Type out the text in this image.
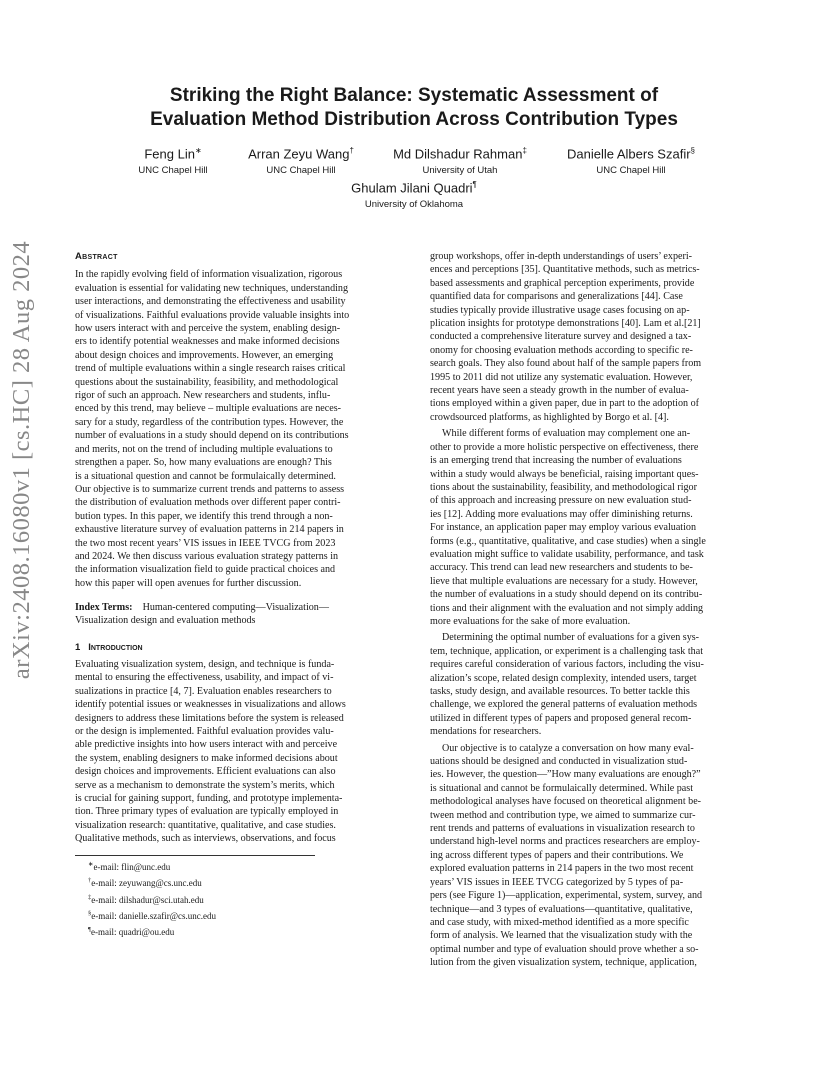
arXiv:2408.16080v1 [cs.HC] 28 Aug 2024
Striking the Right Balance: Systematic Assessment of
Evaluation Method Distribution Across Contribution Types
Feng Lin∗
UNC Chapel Hill
Arran Zeyu Wang†
UNC Chapel Hill
Md Dilshadur Rahman‡
University of Utah
Danielle Albers Szafir§
UNC Chapel Hill
Ghulam Jilani Quadri¶
University of Oklahoma
Abstract
In the rapidly evolving field of information visualization, rigorous
evaluation is essential for validating new techniques, understanding
user interactions, and demonstrating the effectiveness and usability
of visualizations. Faithful evaluations provide valuable insights into
how users interact with and perceive the system, enabling design-
ers to identify potential weaknesses and make informed decisions
about design choices and improvements. However, an emerging
trend of multiple evaluations within a single research raises critical
questions about the sustainability, feasibility, and methodological
rigor of such an approach. New researchers and students, influ-
enced by this trend, may believe – multiple evaluations are neces-
sary for a study, regardless of the contribution types. However, the
number of evaluations in a study should depend on its contributions
and merits, not on the trend of including multiple evaluations to
strengthen a paper. So, how many evaluations are enough? This
is a situational question and cannot be formulaically determined.
Our objective is to summarize current trends and patterns to assess
the distribution of evaluation methods over different paper contri-
bution types. In this paper, we identify this trend through a non-
exhaustive literature survey of evaluation patterns in 214 papers in
the two most recent years’ VIS issues in IEEE TVCG from 2023
and 2024. We then discuss various evaluation strategy patterns in
the information visualization field to guide practical choices and
how this paper will open avenues for further discussion.
Index Terms: Human-centered computing—Visualization—
Visualization design and evaluation methods
1 Introduction
Evaluating visualization system, design, and technique is funda-
mental to ensuring the effectiveness, usability, and impact of vi-
sualizations in practice [4, 7]. Evaluation enables researchers to
identify potential issues or weaknesses in visualizations and allows
designers to address these limitations before the system is released
or the design is implemented. Faithful evaluation provides valu-
able predictive insights into how users interact with and perceive
the system, enabling designers to make informed decisions about
design choices and improvements. Efficient evaluations can also
serve as a mechanism to demonstrate the system’s merits, which
is crucial for gaining support, funding, and prototype implementa-
tion. Three primary types of evaluation are typically employed in
visualization research: quantitative, qualitative, and case studies.
Qualitative methods, such as interviews, observations, and focus
∗e-mail: flin@unc.edu
†e-mail: zeyuwang@cs.unc.edu
‡e-mail: dilshadur@sci.utah.edu
§e-mail: danielle.szafir@cs.unc.edu
¶e-mail: quadri@ou.edu
group workshops, offer in-depth understandings of users’ experi-
ences and perceptions [35]. Quantitative methods, such as metrics-
based assessments and graphical perception experiments, provide
quantified data for comparisons and generalizations [44]. Case
studies typically provide illustrative usage cases focusing on ap-
plication insights for prototype demonstrations [40]. Lam et al.[21]
conducted a comprehensive literature survey and designed a tax-
onomy for choosing evaluation methods according to specific re-
search goals. They also found about half of the sample papers from
1995 to 2011 did not utilize any systematic evaluation. However,
recent years have seen a steady growth in the number of evalua-
tions employed within a given paper, due in part to the adoption of
crowdsourced platforms, as highlighted by Borgo et al. [4].
While different forms of evaluation may complement one an-
other to provide a more holistic perspective on effectiveness, there
is an emerging trend that increasing the number of evaluations
within a study would always be beneficial, raising important ques-
tions about the sustainability, feasibility, and methodological rigor
of this approach and increasing pressure on new evaluation stud-
ies [12]. Adding more evaluations may offer diminishing returns.
For instance, an application paper may employ various evaluation
forms (e.g., quantitative, qualitative, and case studies) when a single
evaluation might suffice to validate usability, performance, and task
accuracy. This trend can lead new researchers and students to be-
lieve that multiple evaluations are necessary for a study. However,
the number of evaluations in a study should depend on its contribu-
tions and their alignment with the evaluation and not simply adding
more evaluations for the sake of more evaluation.
Determining the optimal number of evaluations for a given sys-
tem, technique, application, or experiment is a challenging task that
requires careful consideration of various factors, including the visu-
alization’s scope, related design complexity, intended users, target
tasks, study design, and available resources. To better tackle this
challenge, we explored the general patterns of evaluation methods
utilized in different types of papers and proposed general recom-
mendations for researchers.
Our objective is to catalyze a conversation on how many eval-
uations should be designed and conducted in visualization stud-
ies. However, the question—”How many evaluations are enough?”
is situational and cannot be formulaically determined. While past
methodological analyses have focused on theoretical alignment be-
tween method and contribution type, we aimed to summarize cur-
rent trends and patterns of evaluations in visualization research to
understand high-level norms and practices researchers are employ-
ing across different types of papers and their contributions. We
explored evaluation patterns in 214 papers in the two most recent
years’ VIS issues in IEEE TVCG categorized by 5 types of pa-
pers (see Figure 1)—application, experimental, system, survey, and
technique—and 3 types of evaluations—quantitative, qualitative,
and case study, with mixed-method identified as a more specific
form of analysis. We learned that the visualization study with the
optimal number and type of evaluation should prove whether a so-
lution from the given visualization system, technique, application,
